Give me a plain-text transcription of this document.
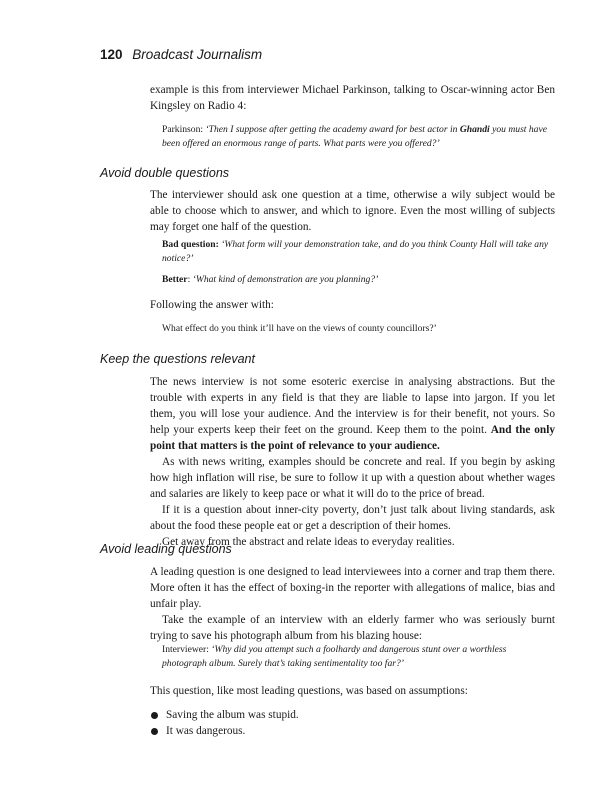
120 Broadcast Journalism

example is this from interviewer Michael Parkinson, talking to Oscar-winning actor Ben Kingsley on Radio 4:

Parkinson: ‘Then I suppose after getting the academy award for best actor in Ghandi you must have been offered an enormous range of parts. What parts were you offered?’

Avoid double questions

The interviewer should ask one question at a time, otherwise a wily subject would be able to choose which to answer, and which to ignore. Even the most willing of subjects may forget one half of the question.

Bad question: ‘What form will your demonstration take, and do you think County Hall will take any notice?’

Better: ‘What kind of demonstration are you planning?’

Following the answer with:

What effect do you think it’ll have on the views of county councillors?’

Keep the questions relevant

The news interview is not some esoteric exercise in analysing abstractions. But the trouble with experts in any field is that they are liable to lapse into jargon. If you let them, you will lose your audience. And the interview is for their benefit, not yours. So help your experts keep their feet on the ground. Keep them to the point. And the only point that matters is the point of relevance to your audience.

As with news writing, examples should be concrete and real. If you begin by asking how high inflation will rise, be sure to follow it up with a question about whether wages and salaries are likely to keep pace or what it will do to the price of bread.

If it is a question about inner-city poverty, don’t just talk about living standards, ask about the food these people eat or get a description of their homes.

Get away from the abstract and relate ideas to everyday realities.

Avoid leading questions

A leading question is one designed to lead interviewees into a corner and trap them there. More often it has the effect of boxing-in the reporter with allegations of malice, bias and unfair play.

Take the example of an interview with an elderly farmer who was seriously burnt trying to save his photograph album from his blazing house:

Interviewer: ‘Why did you attempt such a foolhardy and dangerous stunt over a worthless photograph album. Surely that’s taking sentimentality too far?’

This question, like most leading questions, was based on assumptions:

Saving the album was stupid.
It was dangerous.
